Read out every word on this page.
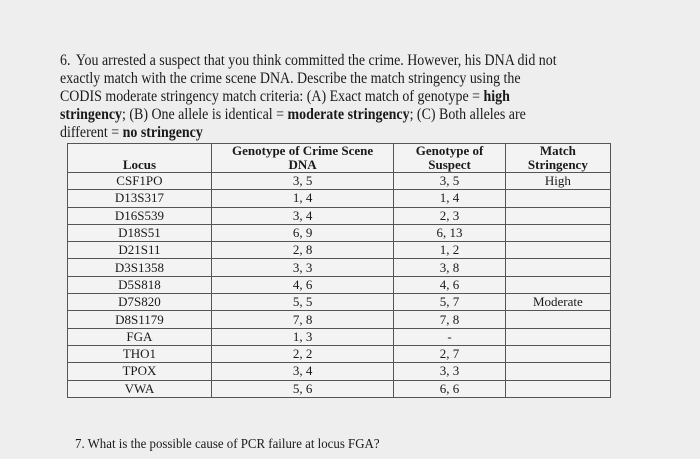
6. You arrested a suspect that you think committed the crime. However, his DNA did not exactly match with the crime scene DNA. Describe the match stringency using the CODIS moderate stringency match criteria: (A) Exact match of genotype = high stringency; (B) One allele is identical = moderate stringency; (C) Both alleles are different = no stringency
	Genotype of Crime Scene	Genotype of	Match
Locus	DNA	Suspect	Stringency
CSF1PO	3, 5	3, 5	High
D13S317	1, 4	1, 4	
D16S539	3, 4	2, 3	
D18S51	6, 9	6, 13	
D21S11	2, 8	1, 2	
D3S1358	3, 3	3, 8	
D5S818	4, 6	4, 6	
D7S820	5, 5	5, 7	Moderate
D8S1179	7, 8	7, 8	
FGA	1, 3	-	
THO1	2, 2	2, 7	
TPOX	3, 4	3, 3	
VWA	5, 6	6, 6	
7. What is the possible cause of PCR failure at locus FGA?
